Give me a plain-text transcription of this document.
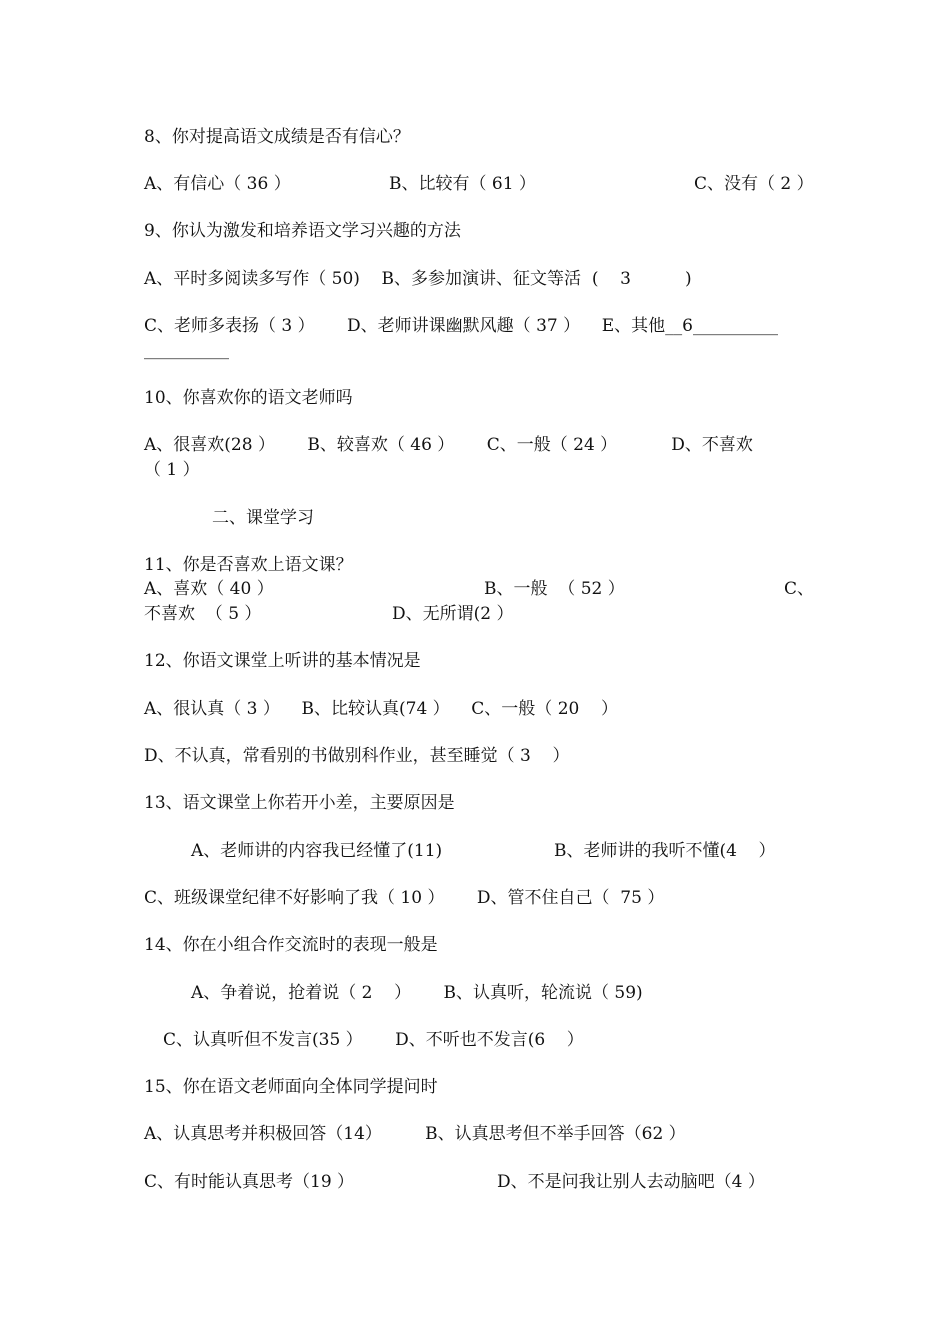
8、你对提高语文成绩是否有信心？
A、有信心（ 36 ）	B、比较有（ 61 ）	C、没有（ 2 ）
9、你认为激发和培养语文学习兴趣的方法
A、平时多阅读多写作（ 50)    B、多参加演讲、征文等活  (    3          )
C、老师多表扬（ 3 ）      D、老师讲课幽默风趣（ 37 ）    E、其他__6__________
__________
10、你喜欢你的语文老师吗
A、很喜欢(28 ）      B、较喜欢（ 46 ）      C、一般（ 24 ）          D、不喜欢
（ 1 ）
二、课堂学习
11、你是否喜欢上语文课？
A、喜欢（ 40 ）	B、一般  （ 52 ）	C、
不喜欢  （ 5 ）	D、无所谓(2 ）
12、你语文课堂上听讲的基本情况是
A、很认真（ 3 ）    B、比较认真(74 ）    C、一般（ 20    ）
D、不认真，常看别的书做别科作业，甚至睡觉（ 3    ）
13、语文课堂上你若开小差，主要原因是
A、老师讲的内容我已经懂了(11)	B、老师讲的我听不懂(4    ）
C、班级课堂纪律不好影响了我（ 10 ）      D、管不住自己（  75 ）
14、你在小组合作交流时的表现一般是
A、争着说，抢着说（ 2    ）      B、认真听，轮流说（ 59)
C、认真听但不发言(35 ）      D、不听也不发言(6    ）
15、你在语文老师面向全体同学提问时
A、认真思考并积极回答（14）        B、认真思考但不举手回答（62 ）
C、有时能认真思考（19 ）	D、不是问我让别人去动脑吧（4 ）
